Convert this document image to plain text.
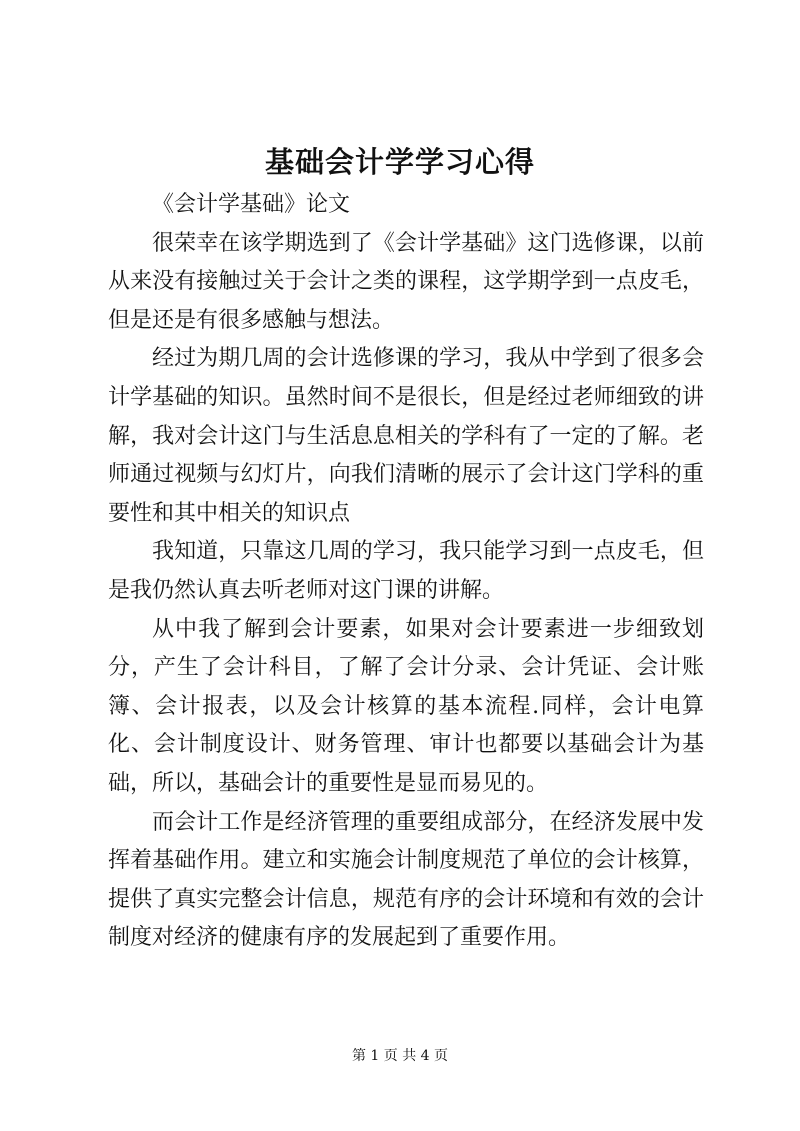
基础会计学学习心得

《会计学基础》论文

很荣幸在该学期选到了《会计学基础》这门选修课，以前从来没有接触过关于会计之类的课程，这学期学到一点皮毛，但是还是有很多感触与想法。

经过为期几周的会计选修课的学习，我从中学到了很多会计学基础的知识。虽然时间不是很长，但是经过老师细致的讲解，我对会计这门与生活息息相关的学科有了一定的了解。老师通过视频与幻灯片，向我们清晰的展示了会计这门学科的重要性和其中相关的知识点

我知道，只靠这几周的学习，我只能学习到一点皮毛，但是我仍然认真去听老师对这门课的讲解。

从中我了解到会计要素，如果对会计要素进一步细致划分，产生了会计科目，了解了会计分录、会计凭证、会计账簿、会计报表，以及会计核算的基本流程.同样，会计电算化、会计制度设计、财务管理、审计也都要以基础会计为基础，所以，基础会计的重要性是显而易见的。

而会计工作是经济管理的重要组成部分，在经济发展中发挥着基础作用。建立和实施会计制度规范了单位的会计核算，提供了真实完整会计信息，规范有序的会计环境和有效的会计制度对经济的健康有序的发展起到了重要作用。

第 1 页 共 4 页
